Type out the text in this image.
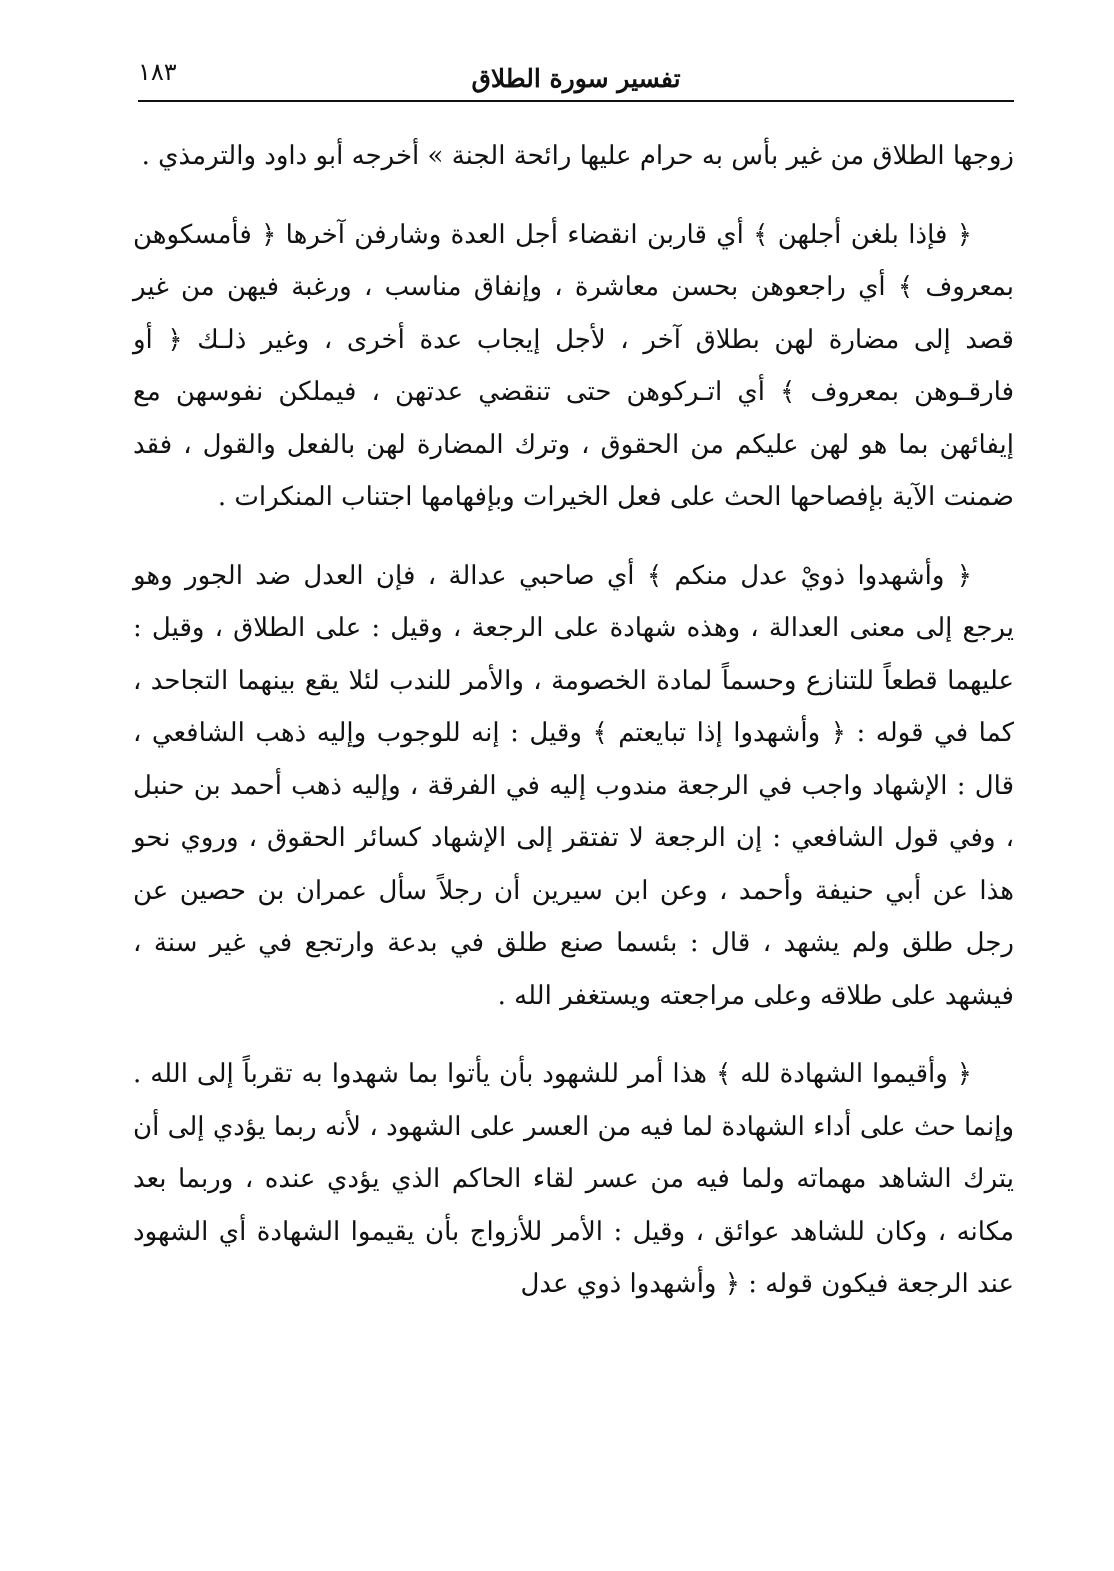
تفسير سورة الطلاق
١٨٣

زوجها الطلاق من غير بأس به حرام عليها رائحة الجنة » أخرجه أبو داود والترمذي .

﴿ فإذا بلغن أجلهن ﴾ أي قاربن انقضاء أجل العدة وشارفن آخرها ﴿ فأمسكوهن بمعروف ﴾ أي راجعوهن بحسن معاشرة ، وإنفاق مناسب ، ورغبة فيهن من غير قصد إلى مضارة لهن بطلاق آخر ، لأجل إيجاب عدة أخرى ، وغير ذلـك ﴿ أو فارقـوهن بمعروف ﴾ أي اتـركوهن حتى تنقضي عدتهن ، فيملكن نفوسهن مع إيفائهن بما هو لهن عليكم من الحقوق ، وترك المضارة لهن بالفعل والقول ، فقد ضمنت الآية بإفصاحها الحث على فعل الخيرات وبإفهامها اجتناب المنكرات .

﴿ وأشهدوا ذويْ عدل منكم ﴾ أي صاحبي عدالة ، فإن العدل ضد الجور وهو يرجع إلى معنى العدالة ، وهذه شهادة على الرجعة ، وقيل : على الطلاق ، وقيل : عليهما قطعاً للتنازع وحسماً لمادة الخصومة ، والأمر للندب لئلا يقع بينهما التجاحد ، كما في قوله : ﴿ وأشهدوا إذا تبايعتم ﴾ وقيل : إنه للوجوب وإليه ذهب الشافعي ، قال : الإشهاد واجب في الرجعة مندوب إليه في الفرقة ، وإليه ذهب أحمد بن حنبل ، وفي قول الشافعي : إن الرجعة لا تفتقر إلى الإشهاد كسائر الحقوق ، وروي نحو هذا عن أبي حنيفة وأحمد ، وعن ابن سيرين أن رجلاً سأل عمران بن حصين عن رجل طلق ولم يشهد ، قال : بئسما صنع طلق في بدعة وارتجع في غير سنة ، فيشهد على طلاقه وعلى مراجعته ويستغفر الله .

﴿ وأقيموا الشهادة لله ﴾ هذا أمر للشهود بأن يأتوا بما شهدوا به تقرباً إلى الله . وإنما حث على أداء الشهادة لما فيه من العسر على الشهود ، لأنه ربما يؤدي إلى أن يترك الشاهد مهماته ولما فيه من عسر لقاء الحاكم الذي يؤدي عنده ، وربما بعد مكانه ، وكان للشاهد عوائق ، وقيل : الأمر للأزواج بأن يقيموا الشهادة أي الشهود عند الرجعة فيكون قوله : ﴿ وأشهدوا ذوي عدل
